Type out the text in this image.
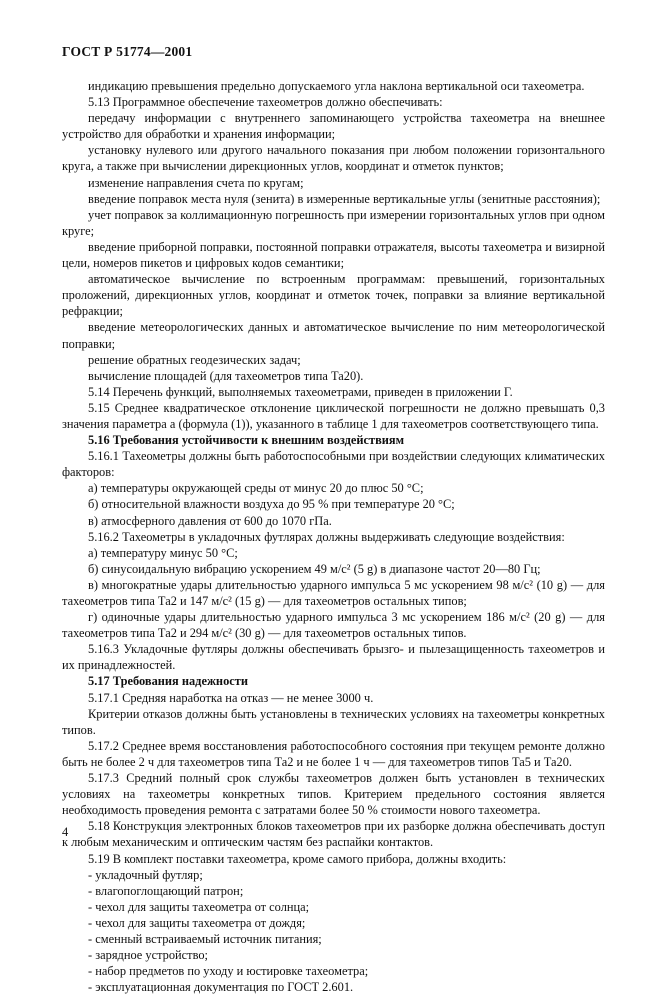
ГОСТ Р 51774—2001

индикацию превышения предельно допускаемого угла наклона вертикальной оси тахеометра.

5.13 Программное обеспечение тахеометров должно обеспечивать:

передачу информации с внутреннего запоминающего устройства тахеометра на внешнее устройство для обработки и хранения информации;

установку нулевого или другого начального показания при любом положении горизонтального круга, а также при вычислении дирекционных углов, координат и отметок пунктов;

изменение направления счета по кругам;

введение поправок места нуля (зенита) в измеренные вертикальные углы (зенитные расстояния);

учет поправок за коллимационную погрешность при измерении горизонтальных углов при одном круге;

введение приборной поправки, постоянной поправки отражателя, высоты тахеометра и визирной цели, номеров пикетов и цифровых кодов семантики;

автоматическое вычисление по встроенным программам: превышений, горизонтальных проложений, дирекционных углов, координат и отметок точек, поправки за влияние вертикальной рефракции;

введение метеорологических данных и автоматическое вычисление по ним метеорологической поправки;

решение обратных геодезических задач;

вычисление площадей (для тахеометров типа Та20).

5.14 Перечень функций, выполняемых тахеометрами, приведен в приложении Г.

5.15 Среднее квадратическое отклонение циклической погрешности не должно превышать 0,3 значения параметра a (формула (1)), указанного в таблице 1 для тахеометров соответствующего типа.

5.16 Требования устойчивости к внешним воздействиям

5.16.1 Тахеометры должны быть работоспособными при воздействии следующих климатических факторов:

а) температуры окружающей среды от минус 20 до плюс 50 °С;

б) относительной влажности воздуха до 95 % при температуре 20 °С;

в) атмосферного давления от 600 до 1070 гПа.

5.16.2 Тахеометры в укладочных футлярах должны выдерживать следующие воздействия:

а) температуру минус 50 °С;

б) синусоидальную вибрацию ускорением 49 м/с² (5 g) в диапазоне частот 20—80 Гц;

в) многократные удары длительностью ударного импульса 5 мс ускорением 98 м/с² (10 g) — для тахеометров типа Та2 и 147 м/с² (15 g) — для тахеометров остальных типов;

г) одиночные удары длительностью ударного импульса 3 мс ускорением 186 м/с² (20 g) — для тахеометров типа Та2 и 294 м/с² (30 g) — для тахеометров остальных типов.

5.16.3 Укладочные футляры должны обеспечивать брызго- и пылезащищенность тахеометров и их принадлежностей.

5.17 Требования надежности

5.17.1 Средняя наработка на отказ — не менее 3000 ч.

Критерии отказов должны быть установлены в технических условиях на тахеометры конкретных типов.

5.17.2 Среднее время восстановления работоспособного состояния при текущем ремонте должно быть не более 2 ч для тахеометров типа Та2 и не более 1 ч — для тахеометров типов Та5 и Та20.

5.17.3 Средний полный срок службы тахеометров должен быть установлен в технических условиях на тахеометры конкретных типов. Критерием предельного состояния является необходимость проведения ремонта с затратами более 50 % стоимости нового тахеометра.

5.18 Конструкция электронных блоков тахеометров при их разборке должна обеспечивать доступ к любым механическим и оптическим частям без распайки контактов.

5.19 В комплект поставки тахеометра, кроме самого прибора, должны входить:

- укладочный футляр;

- влагопоглощающий патрон;

- чехол для защиты тахеометра от солнца;

- чехол для защиты тахеометра от дождя;

- сменный встраиваемый источник питания;

- зарядное устройство;

- набор предметов по уходу и юстировке тахеометра;

- эксплуатационная документация по ГОСТ 2.601.

4
